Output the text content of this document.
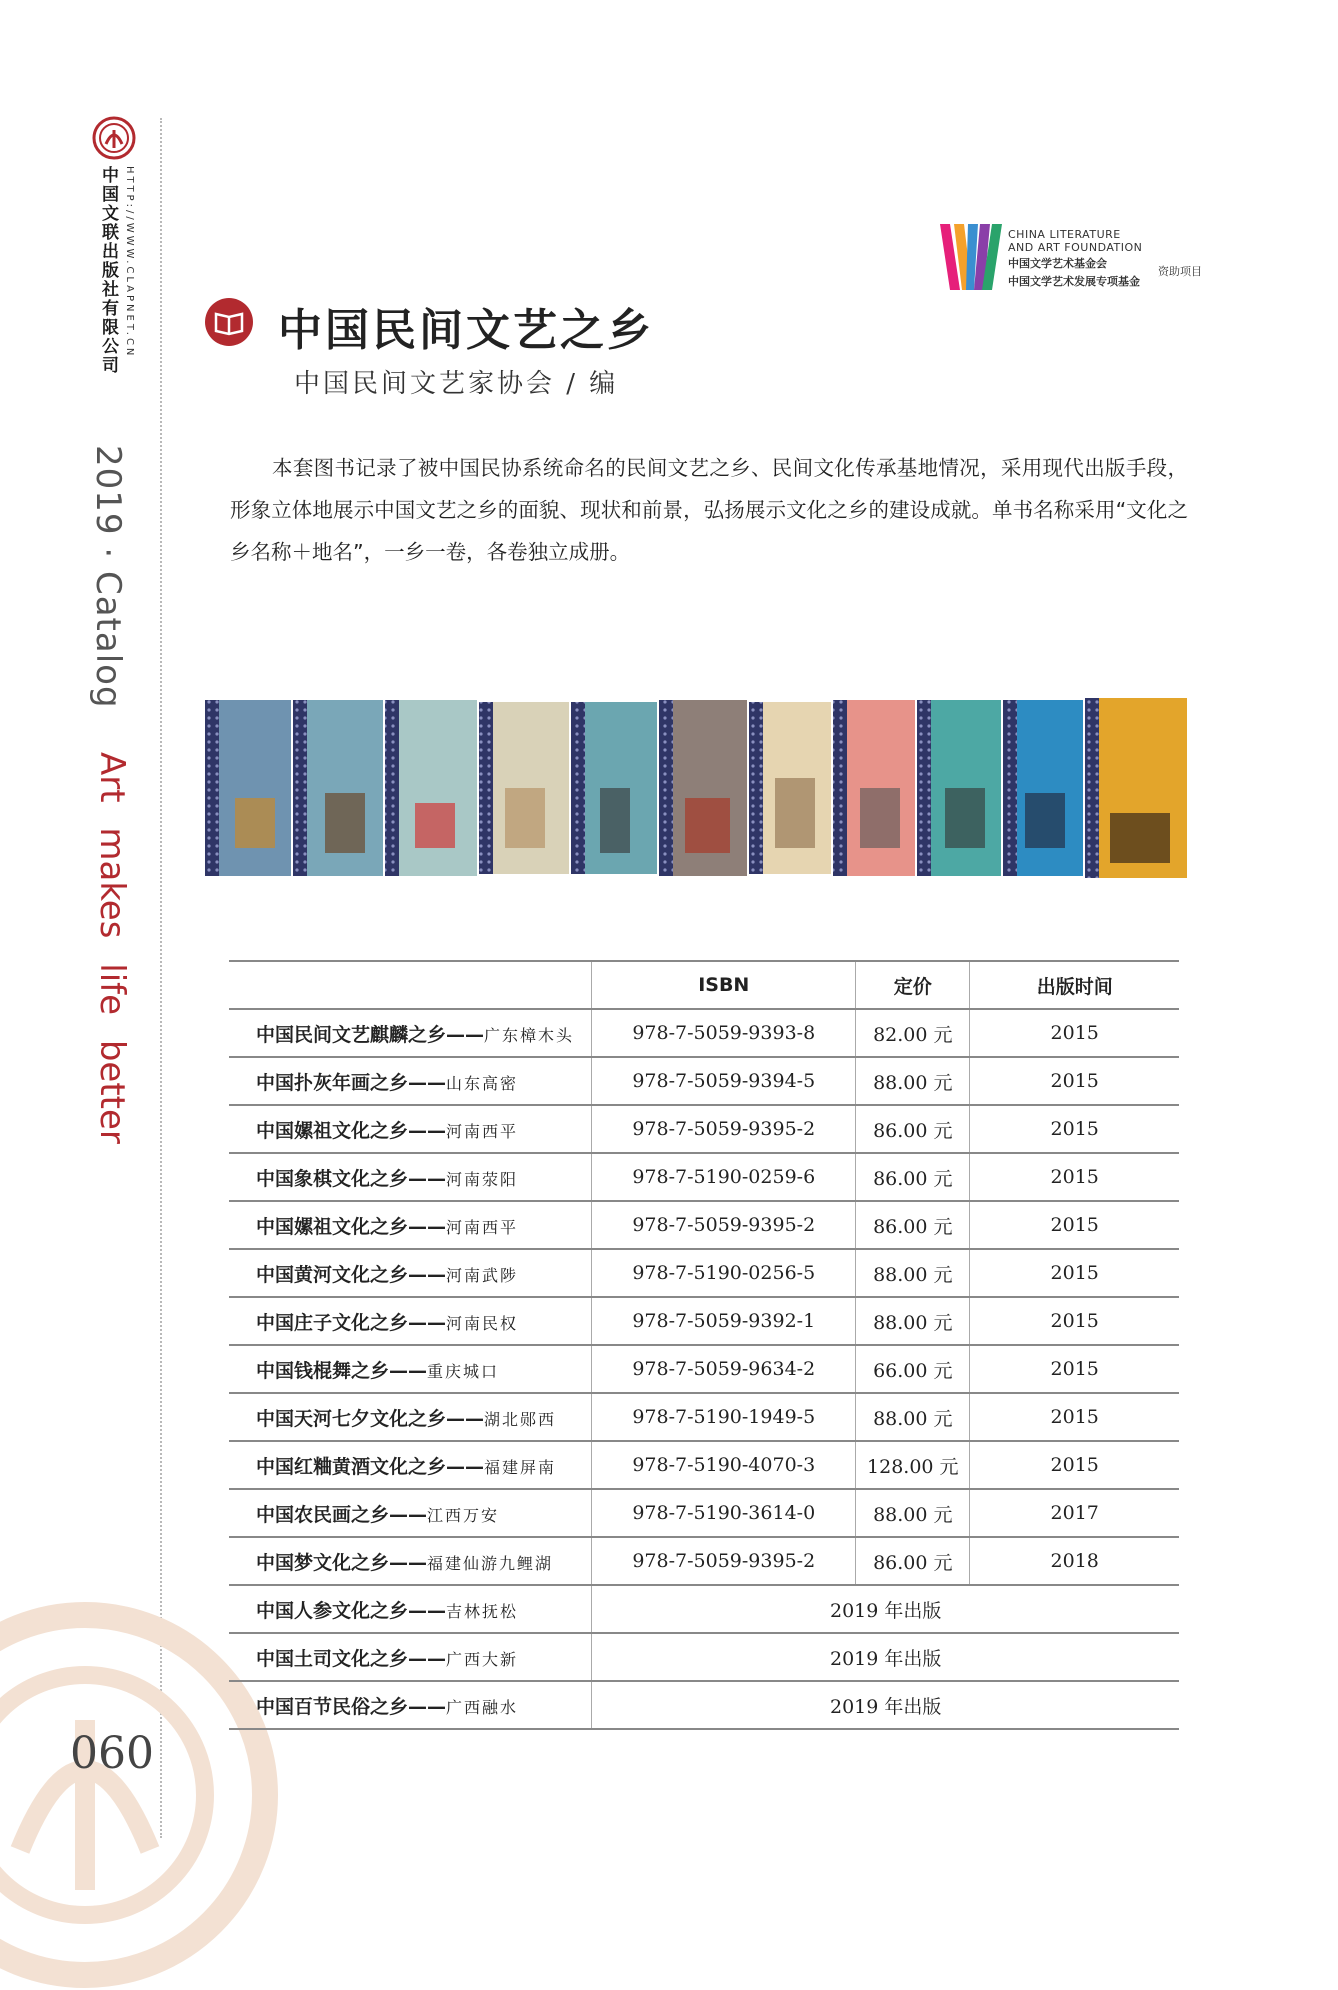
中国文联出版社有限公司 HTTP://WWW.CLAPNET.CN
2019 · Catalog
Art makes life better
060
CHINA LITERATURE
AND ART FOUNDATION
中国文学艺术基金会
中国文学艺术发展专项基金
资助项目
中国民间文艺之乡
中国民间文艺家协会 / 编
本套图书记录了被中国民协系统命名的民间文艺之乡、民间文化传承基地情况，采用现代出版手段，形象立体地展示中国文艺之乡的面貌、现状和前景，弘扬展示文化之乡的建设成就。单书名称采用“文化之乡名称＋地名”，一乡一卷，各卷独立成册。
	ISBN	定价	出版时间
中国民间文艺麒麟之乡——广东樟木头	978-7-5059-9393-8	82.00 元	2015
中国扑灰年画之乡——山东高密	978-7-5059-9394-5	88.00 元	2015
中国嫘祖文化之乡——河南西平	978-7-5059-9395-2	86.00 元	2015
中国象棋文化之乡——河南荥阳	978-7-5190-0259-6	86.00 元	2015
中国嫘祖文化之乡——河南西平	978-7-5059-9395-2	86.00 元	2015
中国黄河文化之乡——河南武陟	978-7-5190-0256-5	88.00 元	2015
中国庄子文化之乡——河南民权	978-7-5059-9392-1	88.00 元	2015
中国钱棍舞之乡——重庆城口	978-7-5059-9634-2	66.00 元	2015
中国天河七夕文化之乡——湖北郧西	978-7-5190-1949-5	88.00 元	2015
中国红粬黄酒文化之乡——福建屏南	978-7-5190-4070-3	128.00 元	2015
中国农民画之乡——江西万安	978-7-5190-3614-0	88.00 元	2017
中国梦文化之乡——福建仙游九鲤湖	978-7-5059-9395-2	86.00 元	2018
中国人参文化之乡——吉林抚松	2019 年出版		
中国土司文化之乡——广西大新	2019 年出版		
中国百节民俗之乡——广西融水	2019 年出版		
